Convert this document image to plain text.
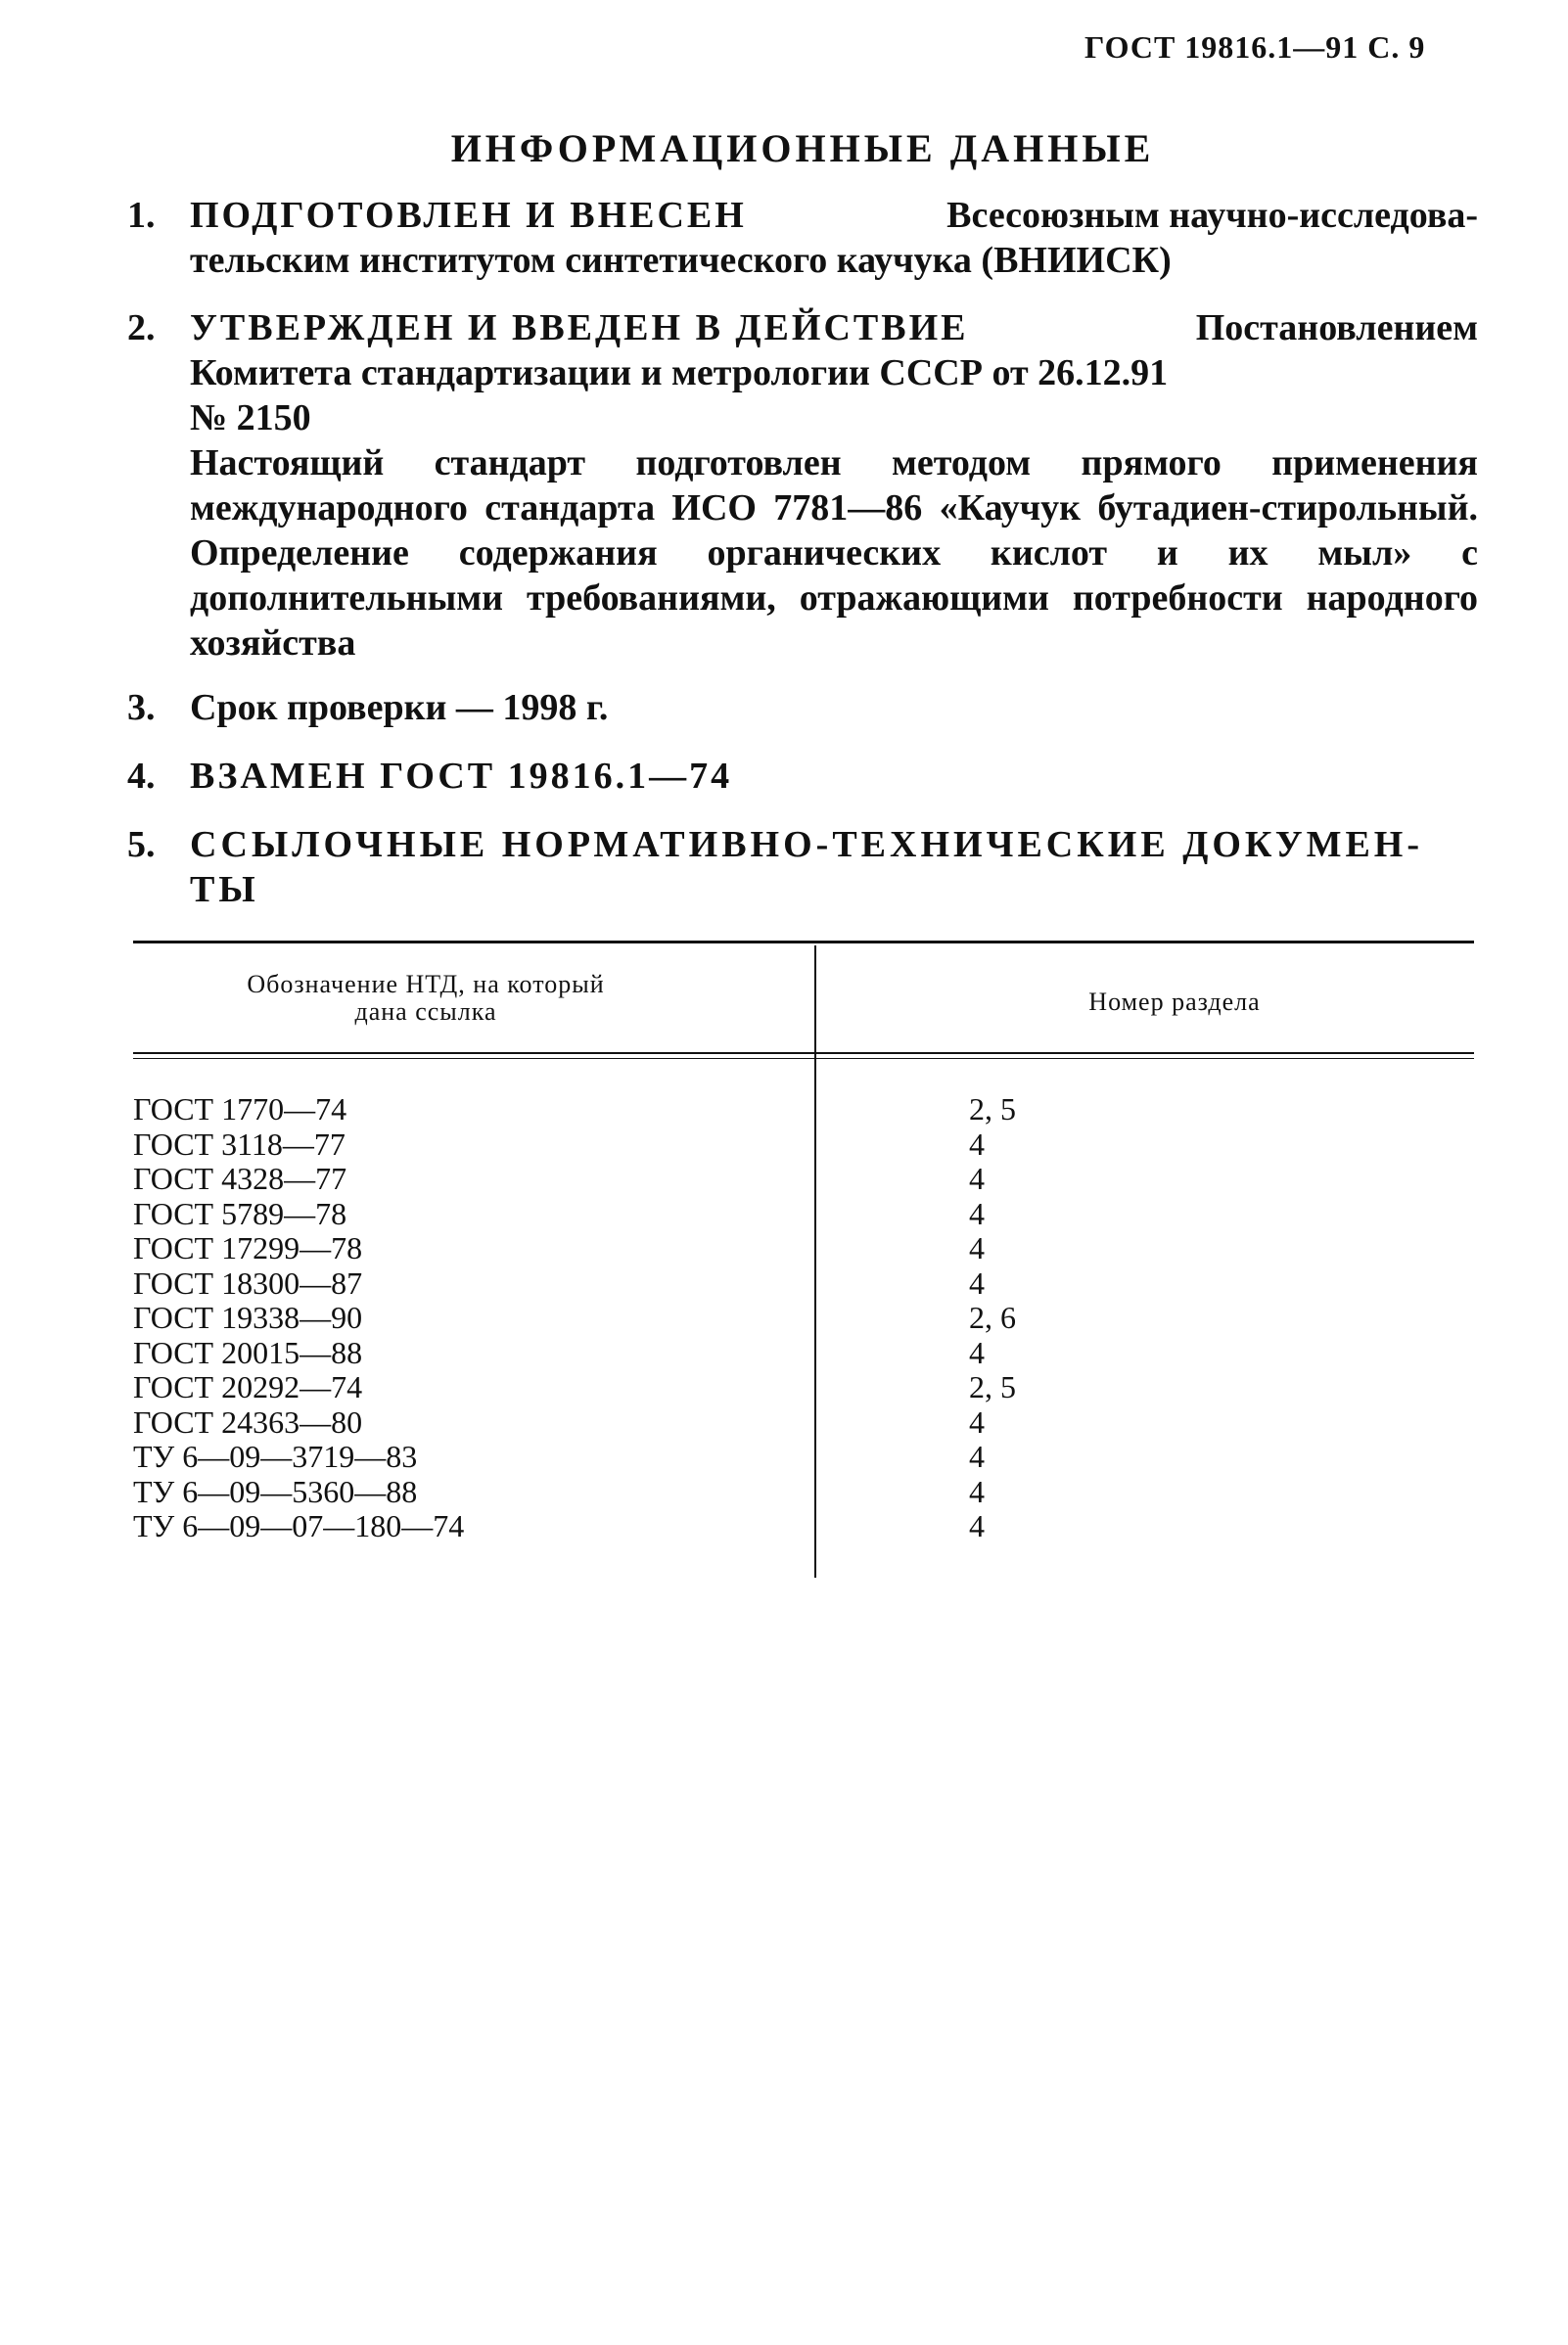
ГОСТ 19816.1—91 С. 9
ИНФОРМАЦИОННЫЕ ДАННЫЕ
1. ПОДГОТОВЛЕН И ВНЕСЕН	Всесоюзным научно-исследова-
тельским институтом синтетического каучука (ВНИИСК)
2. УТВЕРЖДЕН И ВВЕДЕН В ДЕЙСТВИЕ	Постановлением
Комитета стандартизации и метрологии СССР от 26.12.91
№ 2150
Настоящий стандарт подготовлен методом прямого применения международного стандарта ИСО 7781—86 «Каучук бутадиен-стирольный. Определение содержания органических кислот и их мыл» с дополнительными требованиями, отражающими потребности народного хозяйства
3. Срок проверки — 1998 г.
4. ВЗАМЕН ГОСТ 19816.1—74
5. ССЫЛОЧНЫЕ НОРМАТИВНО-ТЕХНИЧЕСКИЕ ДОКУМЕН-
ТЫ
Обозначение НТД, на который
дана ссылка	Номер раздела
ГОСТ 1770—74	2, 5
ГОСТ 3118—77	4
ГОСТ 4328—77	4
ГОСТ 5789—78	4
ГОСТ 17299—78	4
ГОСТ 18300—87	4
ГОСТ 19338—90	2, 6
ГОСТ 20015—88	4
ГОСТ 20292—74	2, 5
ГОСТ 24363—80	4
ТУ 6—09—3719—83	4
ТУ 6—09—5360—88	4
ТУ 6—09—07—180—74	4
